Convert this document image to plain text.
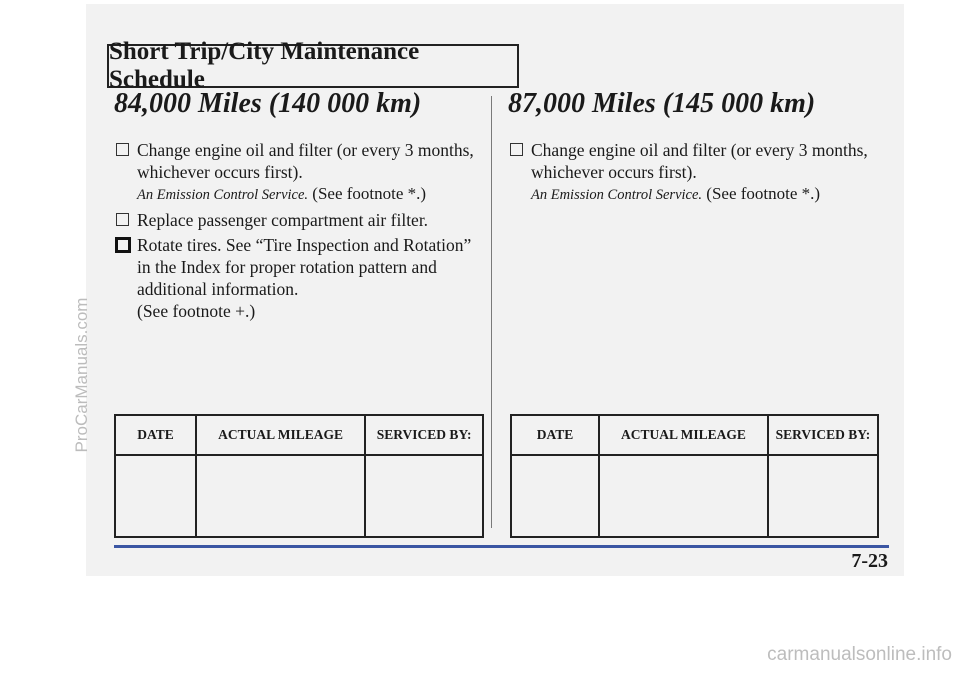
Short Trip/City Maintenance Schedule
84,000 Miles (140 000 km)	87,000 Miles (145 000 km)
Change engine oil and filter (or every 3 months, whichever occurs first).
An Emission Control Service. (See footnote *.)
Replace passenger compartment air filter.
Rotate tires. See “Tire Inspection and Rotation” in the Index for proper rotation pattern and additional information.
(See footnote +.)
Change engine oil and filter (or every 3 months, whichever occurs first).
An Emission Control Service. (See footnote *.)
DATE	ACTUAL MILEAGE	SERVICED BY:
			DATE	ACTUAL MILEAGE	SERVICED BY:

7-23
ProCarManuals.com
carmanualsonline.info
